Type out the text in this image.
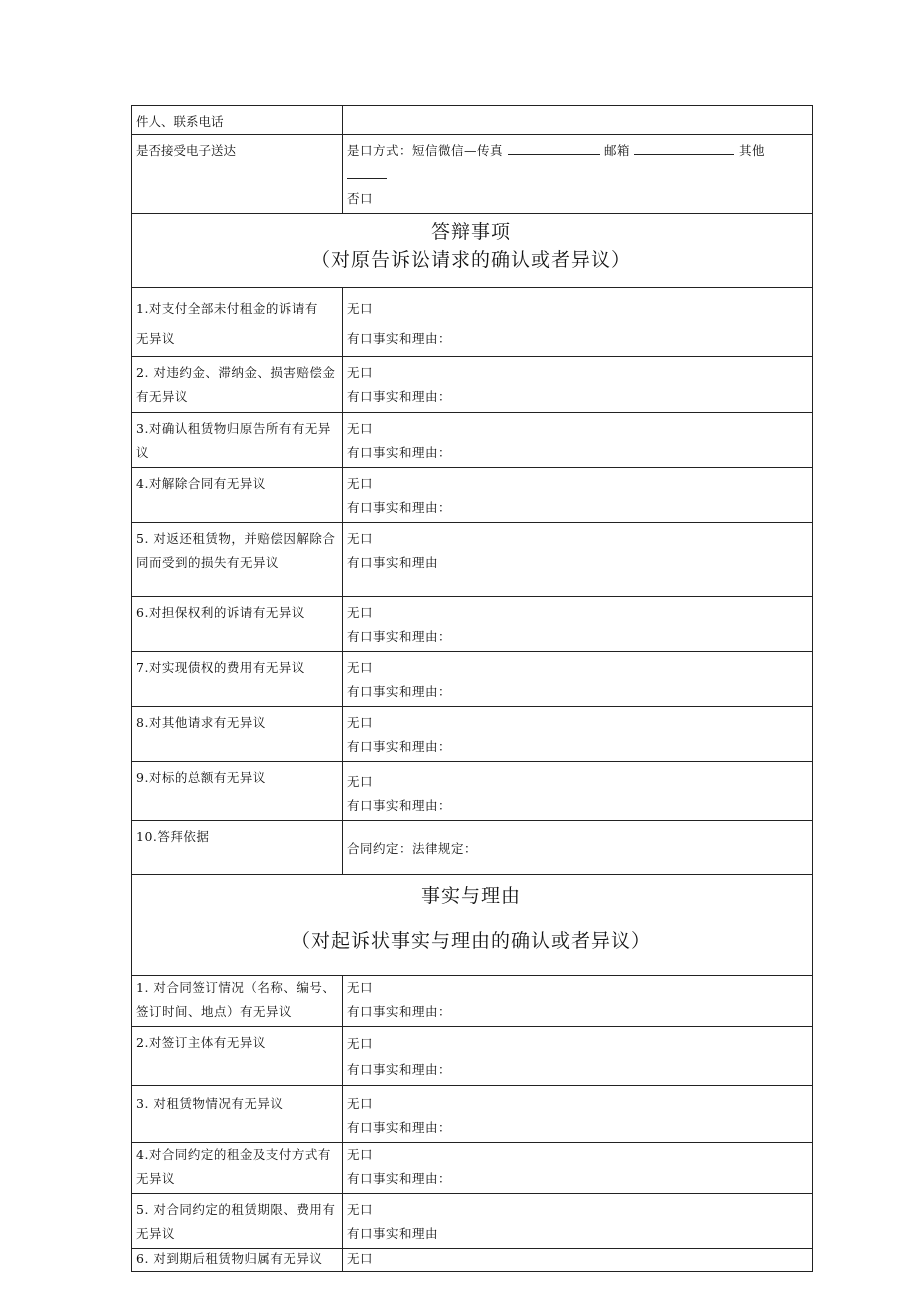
件人、联系电话	
是否接受电子送达	是口方式：短信微信—传真 邮箱 其他
否口

答辩事项
（对原告诉讼请求的确认或者异议）	

1.对支付全部未付租金的诉请有
无异议	无口
有口事实和理由：

2. 对违约金、滞纳金、损害赔偿金有无异议	无口
有口事实和理由：

3.对确认租赁物归原告所有有无异议	无口
有口事实和理由：

4.对解除合同有无异议	无口
有口事实和理由：

5. 对返还租赁物，并赔偿因解除合同而受到的损失有无异议	无口
有口事实和理由

6.对担保权利的诉请有无异议	无口
有口事实和理由：

7.对实现债权的费用有无异议	无口
有口事实和理由：

8.对其他请求有无异议	无口
有口事实和理由：

9.对标的总额有无异议	无口
有口事实和理由：

10.答拜依据	合同约定：法律规定：

事实与理由
（对起诉状事实与理由的确认或者异议）	

1. 对合同签订情况（名称、编号、签订时间、地点）有无异议	无口
有口事实和理由：

2.对签订主体有无异议	无口
有口事实和理由：

3. 对租赁物情况有无异议	无口
有口事实和理由：

4.对合同约定的租金及支付方式有无异议	无口
有口事实和理由：

5. 对合同约定的租赁期限、费用有无异议	无口
有口事实和理由

6. 对到期后租赁物归属有无异议	无口
